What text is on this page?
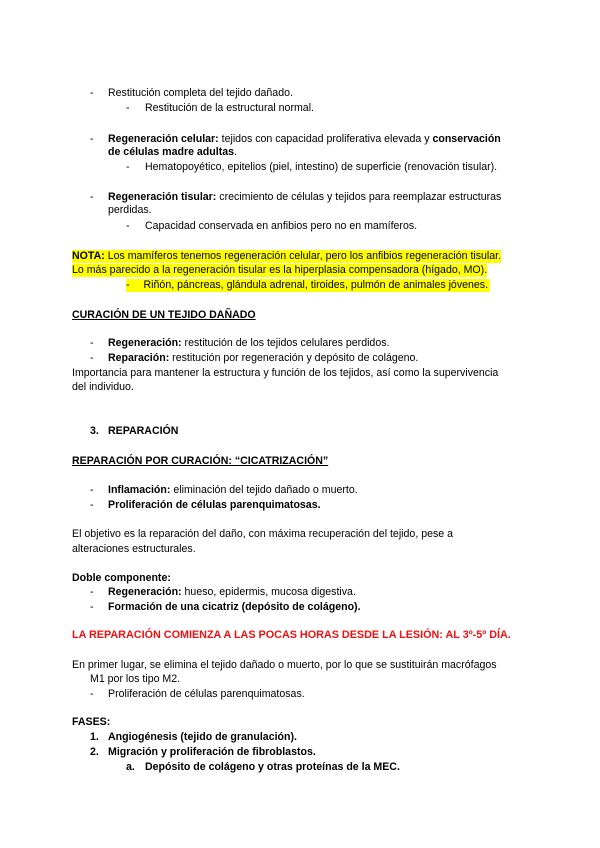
- Restitución completa del tejido dañado.
- Restitución de la estructural normal.
- Regeneración celular: tejidos con capacidad proliferativa elevada y conservación
de células madre adultas.
- Hematopoyético, epitelios (piel, intestino) de superficie (renovación tisular).
- Regeneración tisular: crecimiento de células y tejidos para reemplazar estructuras
perdidas.
- Capacidad conservada en anfibios pero no en mamíferos.
NOTA: Los mamíferos tenemos regeneración celular, pero los anfibios regeneración tisular.
Lo más parecido a la regeneración tisular es la hiperplasia compensadora (hígado, MO).
- Riñón, páncreas, glándula adrenal, tiroides, pulmón de animales jóvenes.
CURACIÓN DE UN TEJIDO DAÑADO
- Regeneración: restitución de los tejidos celulares perdidos.
- Reparación: restitución por regeneración y depósito de colágeno.
Importancia para mantener la estructura y función de los tejidos, así como la supervivencia
del individuo.
3. REPARACIÓN
REPARACIÓN POR CURACIÓN: “CICATRIZACIÓN”
- Inflamación: eliminación del tejido dañado o muerto.
- Proliferación de células parenquimatosas.
El objetivo es la reparación del daño, con máxima recuperación del tejido, pese a
alteraciones estructurales.
Doble componente:
- Regeneración: hueso, epidermis, mucosa digestiva.
- Formación de una cicatriz (depósito de colágeno).
LA REPARACIÓN COMIENZA A LAS POCAS HORAS DESDE LA LESIÓN: AL 3º-5º DÍA.
En primer lugar, se elimina el tejido dañado o muerto, por lo que se sustituirán macrófagos
M1 por los tipo M2.
- Proliferación de células parenquimatosas.
FASES:
1. Angiogénesis (tejido de granulación).
2. Migración y proliferación de fibroblastos.
a. Depósito de colágeno y otras proteínas de la MEC.
